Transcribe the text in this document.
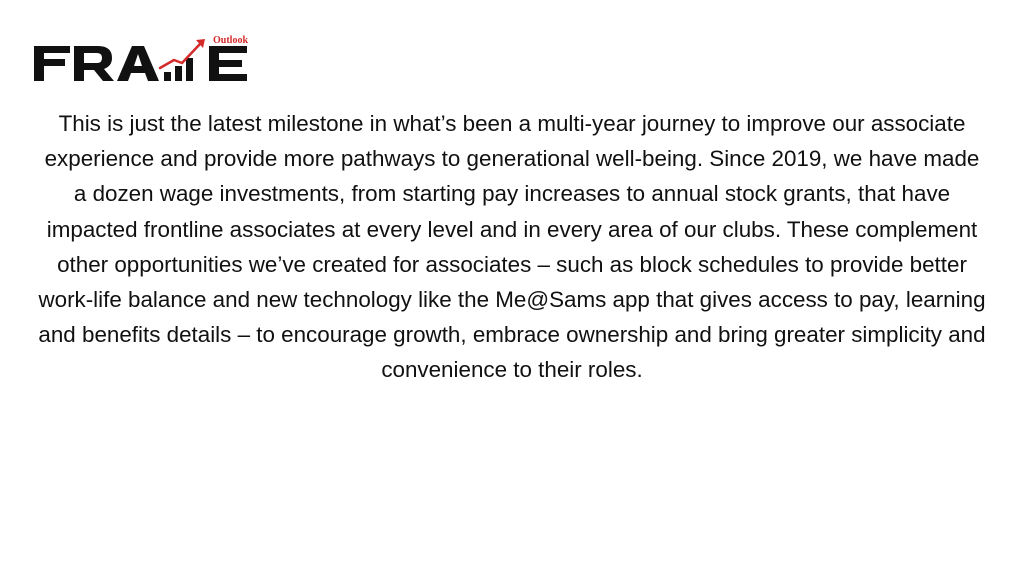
Outlook

This is just the latest milestone in what’s been a multi-year journey to improve our associate experience and provide more pathways to generational well-being. Since 2019, we have made a dozen wage investments, from starting pay increases to annual stock grants, that have impacted frontline associates at every level and in every area of our clubs. These complement other opportunities we’ve created for associates – such as block schedules to provide better work-life balance and new technology like the Me@Sams app that gives access to pay, learning and benefits details – to encourage growth, embrace ownership and bring greater simplicity and convenience to their roles.
